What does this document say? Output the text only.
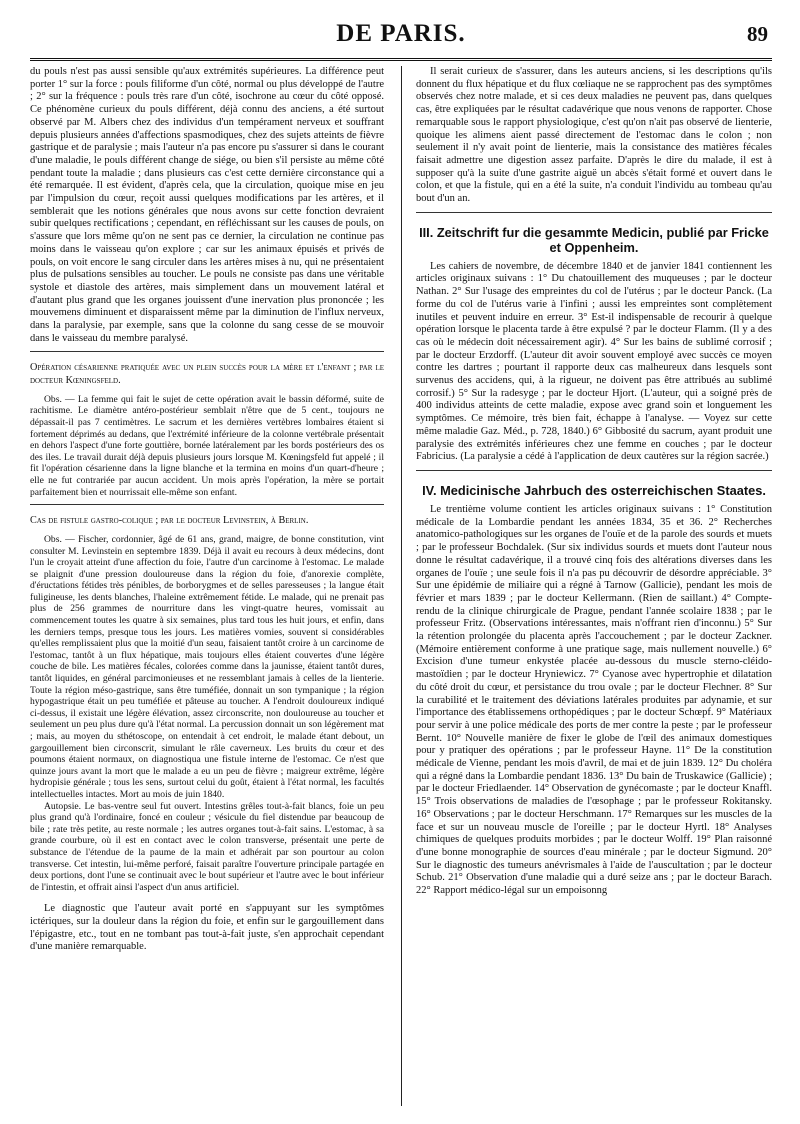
DE PARIS.	89

du pouls n'est pas aussi sensible qu'aux extrémités supérieures. La différence peut porter 1° sur la force : pouls filiforme d'un côté, normal ou plus développé de l'autre ; 2° sur la fréquence : pouls très rare d'un côté, isochrone au cœur du côté opposé. Ce phénomène curieux du pouls différent, déjà connu des anciens, a été surtout observé par M. Albers chez des individus d'un tempérament nerveux et souffrant depuis plusieurs années d'affections spasmodiques, chez des sujets atteints de fièvre gastrique et de paralysie ; mais l'auteur n'a pas encore pu s'assurer si dans le courant d'une maladie, le pouls différent change de siége, ou bien s'il persiste au même côté pendant toute la maladie ; dans plusieurs cas c'est cette dernière circonstance qui a été remarquée. Il est évident, d'après cela, que la circulation, quoique mise en jeu par l'impulsion du cœur, reçoit aussi quelques modifications par les artères, et il semblerait que les notions générales que nous avons sur cette fonction devraient subir quelques rectifications ; cependant, en réfléchissant sur les causes de pouls, on s'assure que lors même qu'on ne sent pas ce dernier, la circulation ne continue pas moins dans le vaisseau qu'on explore ; car sur les animaux épuisés et privés de pouls, on voit encore le sang circuler dans les artères mises à nu, qui ne présentaient plus de pulsations sensibles au toucher. Le pouls ne consiste pas dans une véritable systole et diastole des artères, mais simplement dans un mouvement latéral et d'autant plus grand que les organes jouissent d'une inervation plus prononcée ; les mouvemens diminuent et disparaissent même par la diminution de l'influx nerveux, dans la paralysie, par exemple, sans que la colonne du sang cesse de se mouvoir dans le vaisseau du membre paralysé.

Opération césarienne pratiquée avec un plein succès pour la mère et l'enfant ; par le docteur Kœningsfeld.

Obs. — La femme qui fait le sujet de cette opération avait le bassin déformé, suite de rachitisme. Le diamètre antéro-postérieur semblait n'être que de 5 cent., toujours ne dépassait-il pas 7 centimètres. Le sacrum et les dernières vertèbres lombaires étaient si fortement déprimés au dedans, que l'extrémité inférieure de la colonne vertébrale présentait en dehors l'aspect d'une forte gouttière, bornée latéralement par les bords postérieurs des os des iles. Le travail durait déjà depuis plusieurs jours lorsque M. Kœningsfeld fut appelé ; il fit l'opération césarienne dans la ligne blanche et la termina en moins d'un quart-d'heure ; elle ne fut contrariée par aucun accident. Un mois après l'opération, la mère se portait parfaitement bien et nourrissait elle-même son enfant.

Cas de fistule gastro-colique ; par le docteur Levinstein, à Berlin.

Obs. — Fischer, cordonnier, âgé de 61 ans, grand, maigre, de bonne constitution, vint consulter M. Levinstein en septembre 1839. Déjà il avait eu recours à deux médecins, dont l'un le croyait atteint d'une affection du foie, l'autre d'un carcinome à l'estomac. Le malade se plaignit d'une pression douloureuse dans la région du foie, d'anorexie complète, d'éructations fétides très pénibles, de borborygmes et de selles paresseuses ; la langue était fuligineuse, les dents blanches, l'haleine extrêmement fétide. Le malade, qui ne prenait pas plus de 256 grammes de nourriture dans les vingt-quatre heures, vomissait au commencement toutes les quatre à six semaines, plus tard tous les huit jours, et enfin, dans les derniers temps, presque tous les jours. Les matières vomies, souvent si considérables qu'elles remplissaient plus que la moitié d'un seau, faisaient tantôt croire à un carcinome de l'estomac, tantôt à un flux hépatique, mais toujours elles étaient couvertes d'une légère couche de bile. Les matières fécales, colorées comme dans la jaunisse, étaient tantôt dures, tantôt liquides, en général parcimonieuses et ne ressemblant jamais à celles de la lienterie. Toute la région méso-gastrique, sans être tuméfiée, donnait un son tympanique ; la région hypogastrique était un peu tuméfiée et pâteuse au toucher. A l'endroit douloureux indiqué ci-dessus, il existait une légère élévation, assez circonscrite, non douloureuse au toucher et seulement un peu plus dure qu'à l'état normal. La percussion donnait un son légèrement mat ; mais, au moyen du sthétoscope, on entendait à cet endroit, le malade étant debout, un gargouillement bien circonscrit, simulant le râle caverneux. Les bruits du cœur et des poumons étaient normaux, on diagnostiqua une fistule interne de l'estomac. Ce n'est que quinze jours avant la mort que le malade a eu un peu de fièvre ; maigreur extrême, légère hydropisie générale ; tous les sens, surtout celui du goût, étaient à l'état normal, les facultés intellectuelles intactes. Mort au mois de juin 1840.

Autopsie. Le bas-ventre seul fut ouvert. Intestins grêles tout-à-fait blancs, foie un peu plus grand qu'à l'ordinaire, foncé en couleur ; vésicule du fiel distendue par beaucoup de bile ; rate très petite, au reste normale ; les autres organes tout-à-fait sains. L'estomac, à sa grande courbure, où il est en contact avec le colon transverse, présentait une perte de substance de l'étendue de la paume de la main et adhérait par son pourtour au colon transverse. Cet intestin, lui-même perforé, faisait paraître l'ouverture principale partagée en deux portions, dont l'une se continuait avec le bout supérieur et l'autre avec le bout inférieur de l'intestin, et offrait ainsi l'aspect d'un anus artificiel.

Le diagnostic que l'auteur avait porté en s'appuyant sur les symptômes ictériques, sur la douleur dans la région du foie, et enfin sur le gargouillement dans l'épigastre, etc., tout en ne tombant pas tout-à-fait juste, s'en approchait cependant d'une manière remarquable.

Il serait curieux de s'assurer, dans les auteurs anciens, si les descriptions qu'ils donnent du flux hépatique et du flux cœliaque ne se rapprochent pas des symptômes observés chez notre malade, et si ces deux maladies ne peuvent pas, dans quelques cas, être expliquées par le résultat cadavérique que nous venons de rapporter. Chose remarquable sous le rapport physiologique, c'est qu'on n'ait pas observé de lienterie, quoique les alimens aient passé directement de l'estomac dans le colon ; non seulement il n'y avait point de lienterie, mais la consistance des matières fécales faisait admettre une digestion assez parfaite. D'après le dire du malade, il est à supposer qu'à la suite d'une gastrite aiguë un abcès s'était formé et ouvert dans le colon, et que la fistule, qui en a été la suite, n'a conduit l'individu au tombeau qu'au bout d'un an.

III. Zeitschrift fur die gesammte Medicin, publié par Fricke et Oppenheim.

Les cahiers de novembre, de décembre 1840 et de janvier 1841 contiennent les articles originaux suivans : 1° Du chatouillement des muqueuses ; par le docteur Nathan. 2° Sur l'usage des empreintes du col de l'utérus ; par le docteur Panck. (La forme du col de l'utérus varie à l'infini ; aussi les empreintes sont complètement inutiles et peuvent induire en erreur. 3° Est-il indispensable de recourir à quelque opération lorsque le placenta tarde à être expulsé ? par le docteur Flamm. (Il y a des cas où le médecin doit nécessairement agir). 4° Sur les bains de sublimé corrosif ; par le docteur Erzdorff. (L'auteur dit avoir souvent employé avec succès ce moyen contre les dartres ; pourtant il rapporte deux cas malheureux dans lesquels sont survenus des accidens, qui, à la rigueur, ne doivent pas être attribués au sublimé corrosif.) 5° Sur la radesyge ; par le docteur Hjort. (L'auteur, qui a soigné près de 400 individus atteints de cette maladie, expose avec grand soin et longuement les symptômes. Ce mémoire, très bien fait, échappe à l'analyse. — Voyez sur cette même maladie Gaz. Méd., p. 728, 1840.) 6° Gibbosité du sacrum, ayant produit une paralysie des extrémités inférieures chez une femme en couches ; par le docteur Fabricius. (La paralysie a cédé à l'application de deux cautères sur la région sacrée.)

IV. Medicinische Jahrbuch des osterreichischen Staates.

Le trentième volume contient les articles originaux suivans : 1° Constitution médicale de la Lombardie pendant les années 1834, 35 et 36. 2° Recherches anatomico-pathologiques sur les organes de l'ouïe et de la parole des sourds et muets ; par le professeur Bochdalek. (Sur six individus sourds et muets dont l'auteur nous donne le résultat cadavérique, il a trouvé cinq fois des altérations diverses dans les organes de l'ouïe ; une seule fois il n'a pas pu découvrir de désordre appréciable. 3° Sur une épidémie de miliaire qui a régné à Tarnow (Gallicie), pendant les mois de février et mars 1839 ; par le docteur Kellermann. (Rien de saillant.) 4° Compte-rendu de la clinique chirurgicale de Prague, pendant l'année scolaire 1838 ; par le professeur Fritz. (Observations intéressantes, mais n'offrant rien d'inconnu.) 5° Sur la rétention prolongée du placenta après l'accouchement ; par le docteur Zackner. (Mémoire entièrement conforme à une pratique sage, mais nullement nouvelle.) 6° Excision d'une tumeur enkystée placée au-dessous du muscle sterno-cléido-mastoïdien ; par le docteur Hryniewicz. 7° Cyanose avec hypertrophie et dilatation du côté droit du cœur, et persistance du trou ovale ; par le docteur Flechner. 8° Sur la curabilité et le traitement des déviations latérales produites par adynamie, et sur l'importance des établissemens orthopédiques ; par le docteur Schœpf. 9° Matériaux pour servir à une police médicale des ports de mer contre la peste ; par le professeur Bernt. 10° Nouvelle manière de fixer le globe de l'œil des animaux domestiques pour y pratiquer des opérations ; par le professeur Hayne. 11° De la constitution médicale de Vienne, pendant les mois d'avril, de mai et de juin 1839. 12° Du choléra qui a régné dans la Lombardie pendant 1836. 13° Du bain de Truskawice (Gallicie) ; par le docteur Friedlaender. 14° Observation de gynécomaste ; par le docteur Knaffl. 15° Trois observations de maladies de l'œsophage ; par le professeur Rokitansky. 16° Observations ; par le docteur Herschmann. 17° Remarques sur les muscles de la face et sur un nouveau muscle de l'oreille ; par le docteur Hyrtl. 18° Analyses chimiques de quelques produits morbides ; par le docteur Wolff. 19° Plan raisonné d'une bonne monographie de sources d'eau minérale ; par le docteur Sigmund. 20° Sur le diagnostic des tumeurs anévrismales à l'aide de l'auscultation ; par le docteur Schub. 21° Observation d'une maladie qui a duré seize ans ; par le docteur Barach. 22° Rapport médico-légal sur un empoisonng
